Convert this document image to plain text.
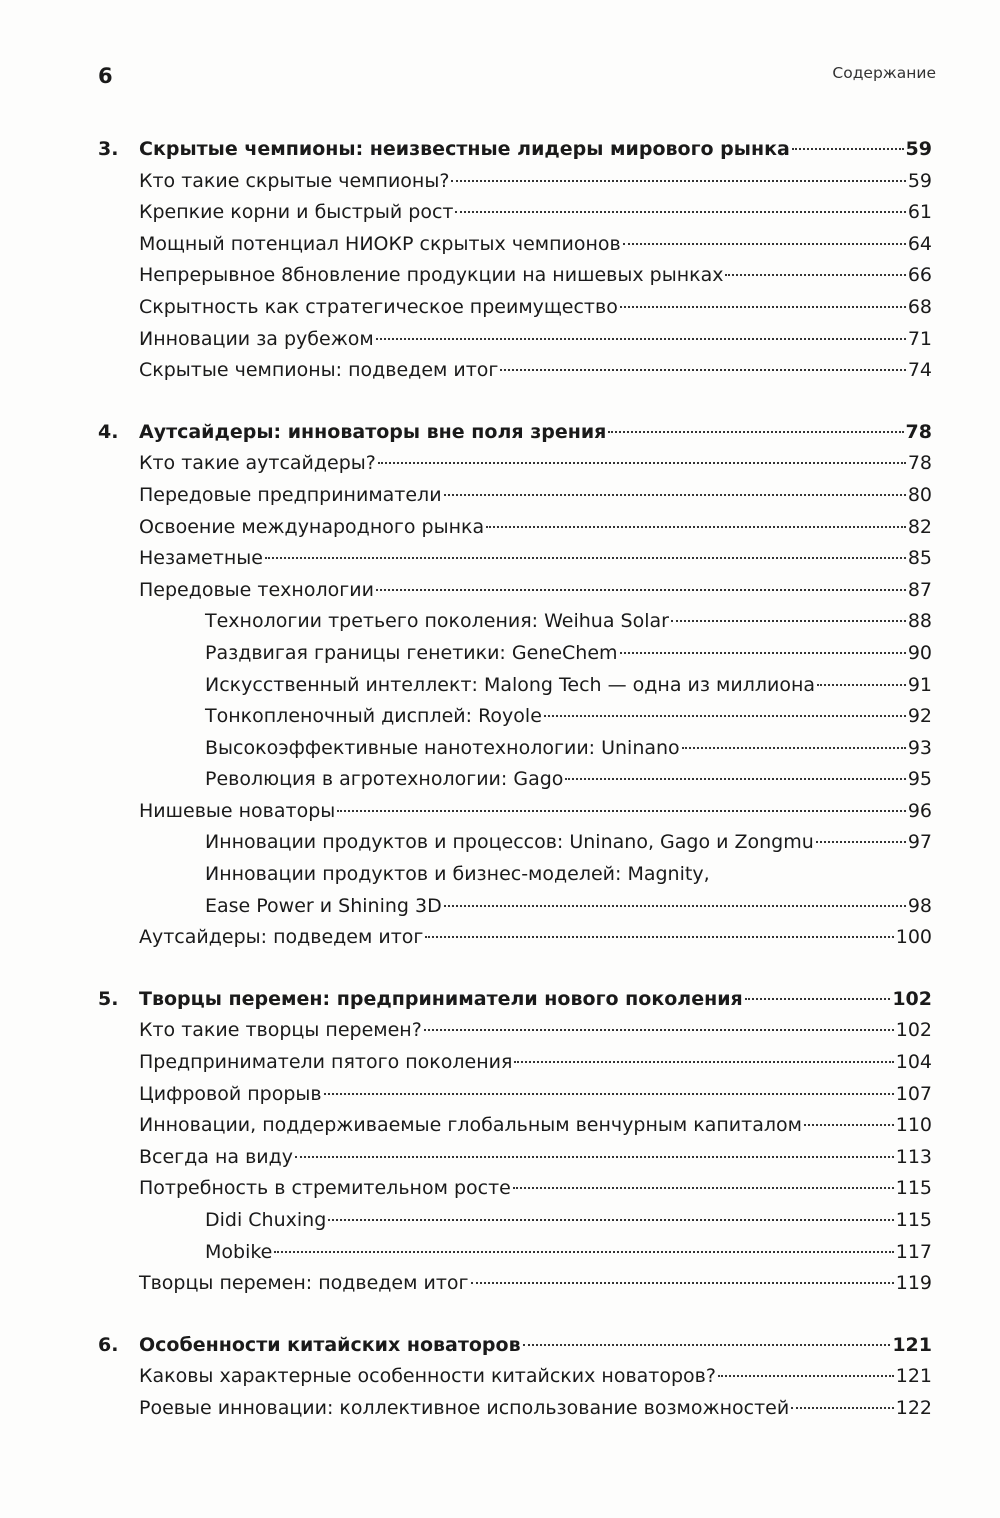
6	Содержание
3.	Скрытые чемпионы: неизвестные лидеры мирового рынка	59
Кто такие скрытые чемпионы?	59
Крепкие корни и быстрый рост	61
Мощный потенциал НИОКР скрытых чемпионов	64
Непрерывное 8бновление продукции на нишевых рынках	66
Скрытность как стратегическое преимущество	68
Инновации за рубежом	71
Скрытые чемпионы: подведем итог	74
4.	Аутсайдеры: инноваторы вне поля зрения	78
Кто такие аутсайдеры?	78
Передовые предприниматели	80
Освоение международного рынка	82
Незаметные	85
Передовые технологии	87
Технологии третьего поколения: Weihua Solar	88
Раздвигая границы генетики: GeneChem	90
Искусственный интеллект: Malong Tech — одна из миллиона	91
Тонкопленочный дисплей: Royole	92
Высокоэффективные нанотехнологии: Uninano	93
Революция в агротехнологии: Gago	95
Нишевые новаторы	96
Инновации продуктов и процессов: Uninano, Gago и Zongmu	97
Инновации продуктов и бизнес-моделей: Magnity,
Ease Power и Shining 3D	98
Аутсайдеры: подведем итог	100
5.	Творцы перемен: предприниматели нового поколения	102
Кто такие творцы перемен?	102
Предприниматели пятого поколения	104
Цифровой прорыв	107
Инновации, поддерживаемые глобальным венчурным капиталом	110
Всегда на виду	113
Потребность в стремительном росте	115
Didi Chuxing	115
Mobike	117
Творцы перемен: подведем итог	119
6.	Особенности китайских новаторов	121
Каковы характерные особенности китайских новаторов?	121
Роевые инновации: коллективное использование возможностей	122
